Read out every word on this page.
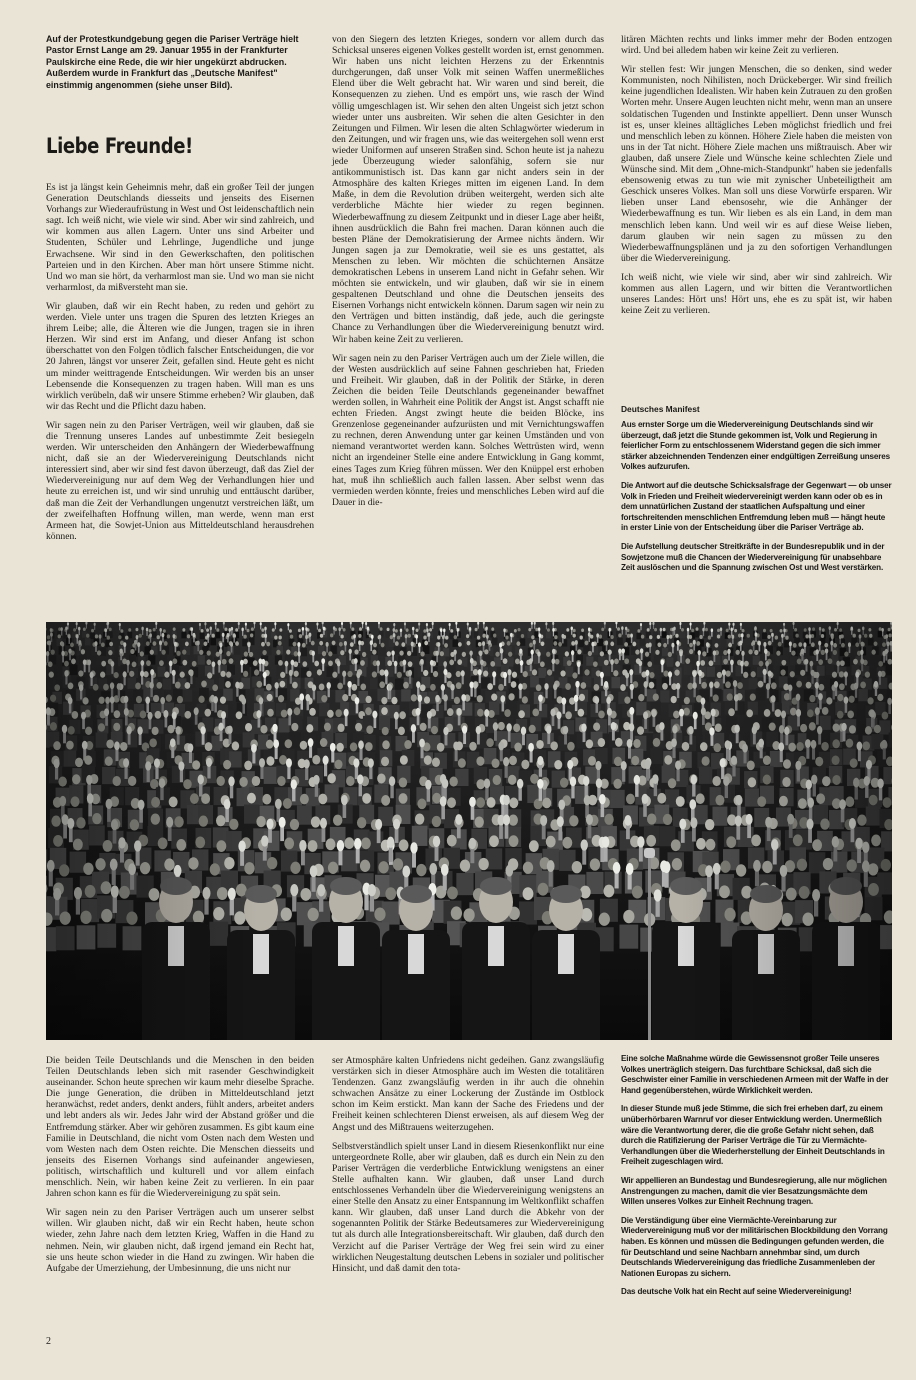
Auf der Protestkundgebung gegen die Pariser Verträge hielt Pastor Ernst Lange am 29. Januar 1955 in der Frankfurter Paulskirche eine Rede, die wir hier ungekürzt abdrucken. Außerdem wurde in Frankfurt das „Deutsche Manifest" einstimmig angenommen (siehe unser Bild).

Liebe Freunde!

Es ist ja längst kein Geheimnis mehr, daß ein großer Teil der jungen Generation Deutschlands diesseits und jenseits des Eisernen Vorhangs zur Wiederaufrüstung in West und Ost leidenschaftlich nein sagt. Ich weiß nicht, wie viele wir sind. Aber wir sind zahlreich, und wir kommen aus allen Lagern. Unter uns sind Arbeiter und Studenten, Schüler und Lehrlinge, Jugendliche und junge Erwachsene. Wir sind in den Gewerkschaften, den politischen Parteien und in den Kirchen. Aber man hört unsere Stimme nicht. Und wo man sie hört, da verharmlost man sie. Und wo man sie nicht verharmlost, da mißversteht man sie.

Wir glauben, daß wir ein Recht haben, zu reden und gehört zu werden. Viele unter uns tragen die Spuren des letzten Krieges an ihrem Leibe; alle, die Älteren wie die Jungen, tragen sie in ihren Herzen. Wir sind erst im Anfang, und dieser Anfang ist schon überschattet von den Folgen tödlich falscher Entscheidungen, die vor 20 Jahren, längst vor unserer Zeit, gefallen sind. Heute geht es nicht um minder weittragende Entscheidungen. Wir werden bis an unser Lebensende die Konsequenzen zu tragen haben. Will man es uns wirklich verübeln, daß wir unsere Stimme erheben? Wir glauben, daß wir das Recht und die Pflicht dazu haben.

Wir sagen nein zu den Pariser Verträgen, weil wir glauben, daß sie die Trennung unseres Landes auf unbestimmte Zeit besiegeln werden. Wir unterscheiden den Anhängern der Wiederbewaffnung nicht, daß sie an der Wiedervereinigung Deutschlands nicht interessiert sind, aber wir sind fest davon überzeugt, daß das Ziel der Wiedervereinigung nur auf dem Weg der Verhandlungen hier und heute zu erreichen ist, und wir sind unruhig und enttäuscht darüber, daß man die Zeit der Verhandlungen ungenutzt verstreichen läßt, um der zweifelhaften Hoffnung willen, man werde, wenn man erst Armeen hat, die Sowjet-Union aus Mitteldeutschland herausdrehen können.

von den Siegern des letzten Krieges, sondern vor allem durch das Schicksal unseres eigenen Volkes gestellt worden ist, ernst genommen. Wir haben uns nicht leichten Herzens zu der Erkenntnis durchgerungen, daß unser Volk mit seinen Waffen unermeßliches Elend über die Welt gebracht hat. Wir waren und sind bereit, die Konsequenzen zu ziehen. Und es empört uns, wie rasch der Wind völlig umgeschlagen ist. Wir sehen den alten Ungeist sich jetzt schon wieder unter uns ausbreiten. Wir sehen die alten Gesichter in den Zeitungen und Filmen. Wir lesen die alten Schlagwörter wiederum in den Zeitungen, und wir fragen uns, wie das weitergehen soll wenn erst wieder Uniformen auf unseren Straßen sind. Schon heute ist ja nahezu jede Überzeugung wieder salonfähig, sofern sie nur antikommunistisch ist. Das kann gar nicht anders sein in der Atmosphäre des kalten Krieges mitten im eigenen Land. In dem Maße, in dem die Revolution drüben weitergeht, werden sich alte verderbliche Mächte hier wieder zu regen beginnen. Wiederbewaffnung zu diesem Zeitpunkt und in dieser Lage aber heißt, ihnen ausdrücklich die Bahn frei machen. Daran können auch die besten Pläne der Demokratisierung der Armee nichts ändern. Wir Jungen sagen ja zur Demokratie, weil sie es uns gestattet, als Menschen zu leben. Wir möchten die schüchternen Ansätze demokratischen Lebens in unserem Land nicht in Gefahr sehen. Wir möchten sie entwickeln, und wir glauben, daß wir sie in einem gespaltenen Deutschland und ohne die Deutschen jenseits des Eisernen Vorhangs nicht entwickeln können. Darum sagen wir nein zu den Verträgen und bitten inständig, daß jede, auch die geringste Chance zu Verhandlungen über die Wiedervereinigung benutzt wird. Wir haben keine Zeit zu verlieren.

Wir sagen nein zu den Pariser Verträgen auch um der Ziele willen, die der Westen ausdrücklich auf seine Fahnen geschrieben hat, Frieden und Freiheit. Wir glauben, daß in der Politik der Stärke, in deren Zeichen die beiden Teile Deutschlands gegeneinander bewaffnet werden sollen, in Wahrheit eine Politik der Angst ist. Angst schafft nie echten Frieden. Angst zwingt heute die beiden Blöcke, ins Grenzenlose gegeneinander aufzurüsten und mit Vernichtungswaffen zu rechnen, deren Anwendung unter gar keinen Umständen und von niemand verantwortet werden kann. Solches Wettrüsten wird, wenn nicht an irgendeiner Stelle eine andere Entwicklung in Gang kommt, eines Tages zum Krieg führen müssen. Wer den Knüppel erst erhoben hat, muß ihn schließlich auch fallen lassen. Aber selbst wenn das vermieden werden könnte, freies und menschliches Leben wird auf die Dauer in die-

litären Mächten rechts und links immer mehr der Boden entzogen wird. Und bei alledem haben wir keine Zeit zu verlieren.

Wir stellen fest: Wir jungen Menschen, die so denken, sind weder Kommunisten, noch Nihilisten, noch Drückeberger. Wir sind freilich keine jugendlichen Idealisten. Wir haben kein Zutrauen zu den großen Worten mehr. Unsere Augen leuchten nicht mehr, wenn man an unsere soldatischen Tugenden und Instinkte appelliert. Denn unser Wunsch ist es, unser kleines alltägliches Leben möglichst friedlich und frei und menschlich leben zu können. Höhere Ziele haben die meisten von uns in der Tat nicht. Höhere Ziele machen uns mißtrauisch. Aber wir glauben, daß unsere Ziele und Wünsche keine schlechten Ziele und Wünsche sind. Mit dem „Ohne-mich-Standpunkt" haben sie jedenfalls ebensowenig etwas zu tun wie mit zynischer Unbeteiligtheit am Geschick unseres Volkes. Man soll uns diese Vorwürfe ersparen. Wir lieben unser Land ebensosehr, wie die Anhänger der Wiederbewaffnung es tun. Wir lieben es als ein Land, in dem man menschlich leben kann. Und weil wir es auf diese Weise lieben, darum glauben wir nein sagen zu müssen zu den Wiederbewaffnungsplänen und ja zu den sofortigen Verhandlungen über die Wiedervereinigung.

Ich weiß nicht, wie viele wir sind, aber wir sind zahlreich. Wir kommen aus allen Lagern, und wir bitten die Verantwortlichen unseres Landes: Hört uns! Hört uns, ehe es zu spät ist, wir haben keine Zeit zu verlieren.

Deutsches Manifest

Aus ernster Sorge um die Wiedervereinigung Deutschlands sind wir überzeugt, daß jetzt die Stunde gekommen ist, Volk und Regierung in feierlicher Form zu entschlossenem Widerstand gegen die sich immer stärker abzeichnenden Tendenzen einer endgültigen Zerreißung unseres Volkes aufzurufen.

Die Antwort auf die deutsche Schicksalsfrage der Gegenwart — ob unser Volk in Frieden und Freiheit wiedervereinigt werden kann oder ob es in dem unnatürlichen Zustand der staatlichen Aufspaltung und einer fortschreitenden menschlichen Entfremdung leben muß — hängt heute in erster Linie von der Entscheidung über die Pariser Verträge ab.

Die Aufstellung deutscher Streitkräfte in der Bundesrepublik und in der Sowjetzone muß die Chancen der Wiedervereinigung für unabsehbare Zeit auslöschen und die Spannung zwischen Ost und West verstärken.

Die beiden Teile Deutschlands und die Menschen in den beiden Teilen Deutschlands leben sich mit rasender Geschwindigkeit auseinander. Schon heute sprechen wir kaum mehr dieselbe Sprache. Die junge Generation, die drüben in Mitteldeutschland jetzt heranwächst, redet anders, denkt anders, fühlt anders, arbeitet anders und lebt anders als wir. Jedes Jahr wird der Abstand größer und die Entfremdung stärker. Aber wir gehören zusammen. Es gibt kaum eine Familie in Deutschland, die nicht vom Osten nach dem Westen und vom Westen nach dem Osten reichte. Die Menschen diesseits und jenseits des Eisernen Vorhangs sind aufeinander angewiesen, politisch, wirtschaftlich und kulturell und vor allem einfach menschlich. Nein, wir haben keine Zeit zu verlieren. In ein paar Jahren schon kann es für die Wiedervereinigung zu spät sein.

Wir sagen nein zu den Pariser Verträgen auch um unserer selbst willen. Wir glauben nicht, daß wir ein Recht haben, heute schon wieder, zehn Jahre nach dem letzten Krieg, Waffen in die Hand zu nehmen. Nein, wir glauben nicht, daß irgend jemand ein Recht hat, sie uns heute schon wieder in die Hand zu zwingen. Wir haben die Aufgabe der Umerziehung, der Umbesinnung, die uns nicht nur

ser Atmosphäre kalten Unfriedens nicht gedeihen. Ganz zwangsläufig verstärken sich in dieser Atmosphäre auch im Westen die totalitären Tendenzen. Ganz zwangsläufig werden in ihr auch die ohnehin schwachen Ansätze zu einer Lockerung der Zustände im Ostblock schon im Keim erstickt. Man kann der Sache des Friedens und der Freiheit keinen schlechteren Dienst erweisen, als auf diesem Weg der Angst und des Mißtrauens weiterzugehen.

Selbstverständlich spielt unser Land in diesem Riesenkonflikt nur eine untergeordnete Rolle, aber wir glauben, daß es durch ein Nein zu den Pariser Verträgen die verderbliche Entwicklung wenigstens an einer Stelle aufhalten kann. Wir glauben, daß unser Land durch entschlossenes Verhandeln über die Wiedervereinigung wenigstens an einer Stelle den Ansatz zu einer Entspannung im Weltkonflikt schaffen kann. Wir glauben, daß unser Land durch die Abkehr von der sogenannten Politik der Stärke Bedeutsameres zur Wiedervereinigung tut als durch alle Integrationsbereitschaft. Wir glauben, daß durch den Verzicht auf die Pariser Verträge der Weg frei sein wird zu einer wirklichen Neugestaltung deutschen Lebens in sozialer und politischer Hinsicht, und daß damit den tota-

Eine solche Maßnahme würde die Gewissensnot großer Teile unseres Volkes unerträglich steigern. Das furchtbare Schicksal, daß sich die Geschwister einer Familie in verschiedenen Armeen mit der Waffe in der Hand gegenüberstehen, würde Wirklichkeit werden.

In dieser Stunde muß jede Stimme, die sich frei erheben darf, zu einem unüberhörbaren Warnruf vor dieser Entwicklung werden. Unermeßlich wäre die Verantwortung derer, die die große Gefahr nicht sehen, daß durch die Ratifizierung der Pariser Verträge die Tür zu Viermächte-Verhandlungen über die Wiederherstellung der Einheit Deutschlands in Freiheit zugeschlagen wird.

Wir appellieren an Bundestag und Bundesregierung, alle nur möglichen Anstrengungen zu machen, damit die vier Besatzungsmächte dem Willen unseres Volkes zur Einheit Rechnung tragen.

Die Verständigung über eine Viermächte-Vereinbarung zur Wiedervereinigung muß vor der militärischen Blockbildung den Vorrang haben. Es können und müssen die Bedingungen gefunden werden, die für Deutschland und seine Nachbarn annehmbar sind, um durch Deutschlands Wiedervereinigung das friedliche Zusammenleben der Nationen Europas zu sichern.

Das deutsche Volk hat ein Recht auf seine Wiedervereinigung!

2
